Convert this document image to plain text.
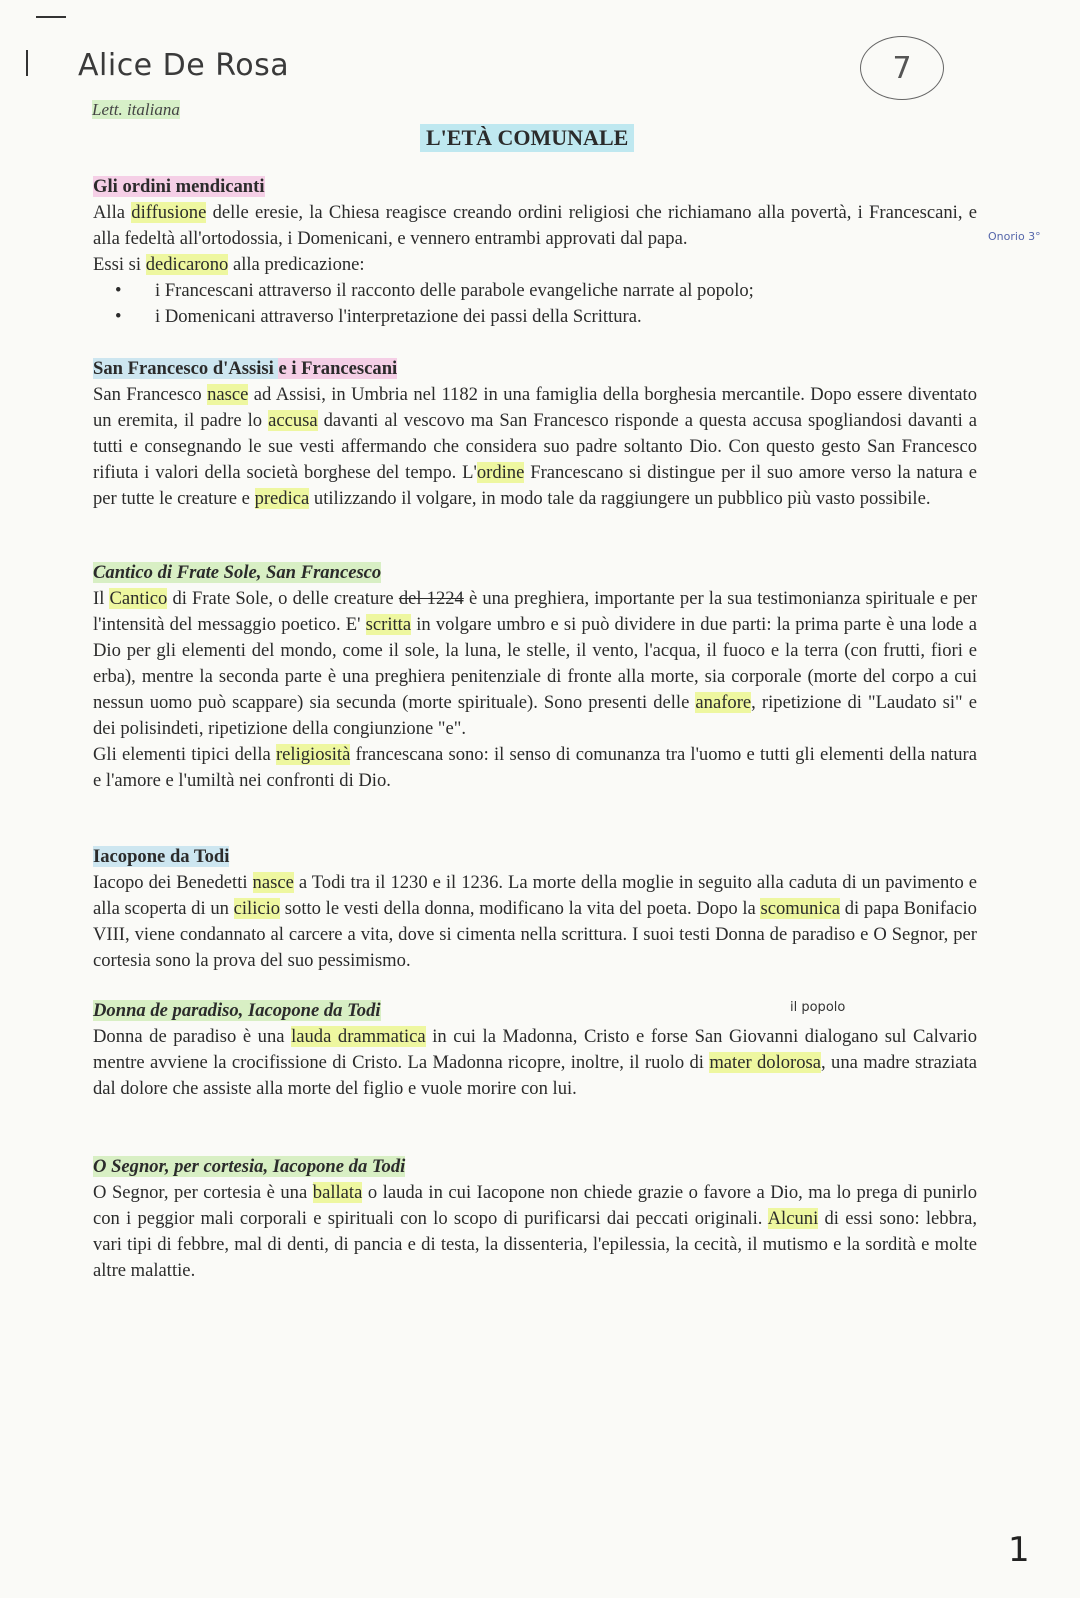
Alice De Rosa
Lett. italiana
7
L'ETÀ COMUNALE
Onorio 3°
il popolo
Gli ordini mendicanti

Alla diffusione delle eresie, la Chiesa reagisce creando ordini religiosi che richiamano alla povertà, i Francescani, e alla fedeltà all'ortodossia, i Domenicani, e vennero entrambi approvati dal papa.

Essi si dedicarono alla predicazione:

• i Francescani attraverso il racconto delle parabole evangeliche narrate al popolo;
• i Domenicani attraverso l'interpretazione dei passi della Scrittura.
San Francesco d'Assisi e i Francescani

San Francesco nasce ad Assisi, in Umbria nel 1182 in una famiglia della borghesia mercantile. Dopo essere diventato un eremita, il padre lo accusa davanti al vescovo ma San Francesco risponde a questa accusa spogliandosi davanti a tutti e consegnando le sue vesti affermando che considera suo padre soltanto Dio. Con questo gesto San Francesco rifiuta i valori della società borghese del tempo. L'ordine Francescano si distingue per il suo amore verso la natura e per tutte le creature e predica utilizzando il volgare, in modo tale da raggiungere un pubblico più vasto possibile.

Cantico di Frate Sole, San Francesco

Il Cantico di Frate Sole, o delle creature del 1224 è una preghiera, importante per la sua testimonianza spirituale e per l'intensità del messaggio poetico. E' scritta in volgare umbro e si può dividere in due parti: la prima parte è una lode a Dio per gli elementi del mondo, come il sole, la luna, le stelle, il vento, l'acqua, il fuoco e la terra (con frutti, fiori e erba), mentre la seconda parte è una preghiera penitenziale di fronte alla morte, sia corporale (morte del corpo a cui nessun uomo può scappare) sia secunda (morte spirituale). Sono presenti delle anafore, ripetizione di "Laudato si" e dei polisindeti, ripetizione della congiunzione "e".

Gli elementi tipici della religiosità francescana sono: il senso di comunanza tra l'uomo e tutti gli elementi della natura e l'amore e l'umiltà nei confronti di Dio.

Iacopone da Todi

Iacopo dei Benedetti nasce a Todi tra il 1230 e il 1236. La morte della moglie in seguito alla caduta di un pavimento e alla scoperta di un cilicio sotto le vesti della donna, modificano la vita del poeta. Dopo la scomunica di papa Bonifacio VIII, viene condannato al carcere a vita, dove si cimenta nella scrittura. I suoi testi Donna de paradiso e O Segnor, per cortesia sono la prova del suo pessimismo.

Donna de paradiso, Iacopone da Todi

Donna de paradiso è una lauda drammatica in cui la Madonna, Cristo e forse San Giovanni dialogano sul Calvario mentre avviene la crocifissione di Cristo. La Madonna ricopre, inoltre, il ruolo di mater dolorosa, una madre straziata dal dolore che assiste alla morte del figlio e vuole morire con lui.

O Segnor, per cortesia, Iacopone da Todi

O Segnor, per cortesia è una ballata o lauda in cui Iacopone non chiede grazie o favore a Dio, ma lo prega di punirlo con i peggior mali corporali e spirituali con lo scopo di purificarsi dai peccati originali. Alcuni di essi sono: lebbra, vari tipi di febbre, mal di denti, di pancia e di testa, la dissenteria, l'epilessia, la cecità, il mutismo e la sordità e molte altre malattie.

1
